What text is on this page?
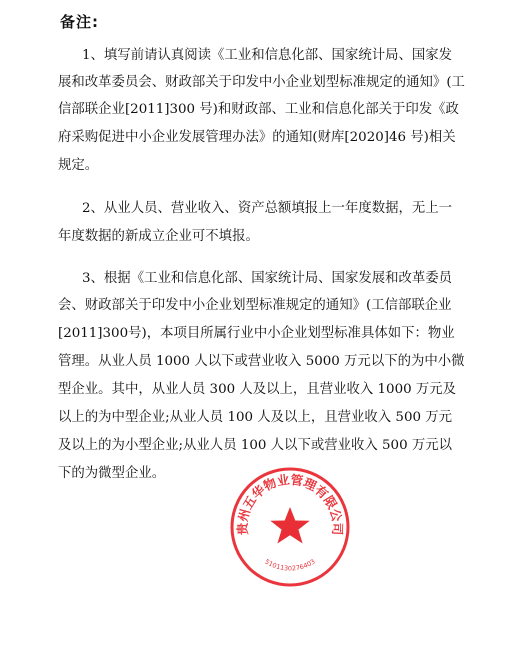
备注:
1、填写前请认真阅读《工业和信息化部、国家统计局、国家发
展和改革委员会、财政部关于印发中小企业划型标准规定的通知》(工
信部联企业[2011]300 号)和财政部、工业和信息化部关于印发《政
府采购促进中小企业发展管理办法》的通知(财库[2020]46 号)相关
规定。
2、从业人员、营业收入、资产总额填报上一年度数据，无上一
年度数据的新成立企业可不填报。
3、根据《工业和信息化部、国家统计局、国家发展和改革委员
会、财政部关于印发中小企业划型标准规定的通知》(工信部联企业
[2011]300号)，本项目所属行业中小企业划型标准具体如下：物业
管理。从业人员 1000 人以下或营业收入 5000 万元以下的为中小微
型企业。其中，从业人员 300 人及以上，且营业收入 1000 万元及
以上的为中型企业;从业人员 100 人及以上，且营业收入 500 万元
及以上的为小型企业;从业人员 100 人以下或营业收入 500 万元以
下的为微型企业。
贵州五华物业管理有限公司
5101130276403
